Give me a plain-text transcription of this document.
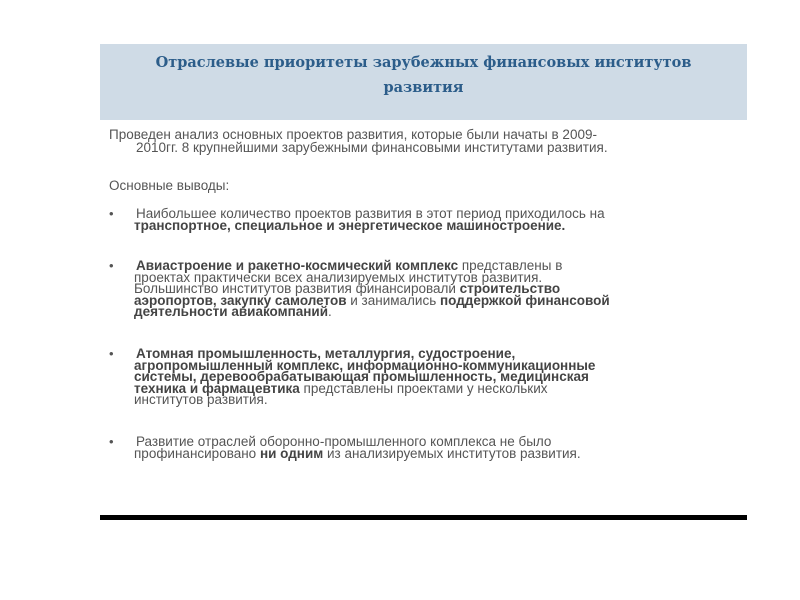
Отраслевые приоритеты зарубежных финансовых институтов
развития

Проведен анализ основных проектов развития, которые были начаты в 2009-
2010гг. 8 крупнейшими зарубежными финансовыми институтами развития.

Основные выводы:

•	Наибольшее количество проектов развития в этот период приходилось на
транспортное, специальное и энергетическое машиностроение.
•	Авиастроение и ракетно-космический комплекс представлены в
проектах практически всех анализируемых институтов развития.
Большинство институтов развития финансировали строительство
аэропортов, закупку самолетов и занимались поддержкой финансовой
деятельности авиакомпаний.
•	Атомная промышленность, металлургия, судостроение,
агропромышленный комплекс, информационно-коммуникационные
системы, деревообрабатывающая промышленность, медицинская
техника и фармацевтика представлены проектами у нескольких
институтов развития.
•	Развитие отраслей оборонно-промышленного комплекса не было
профинансировано ни одним из анализируемых институтов развития.
